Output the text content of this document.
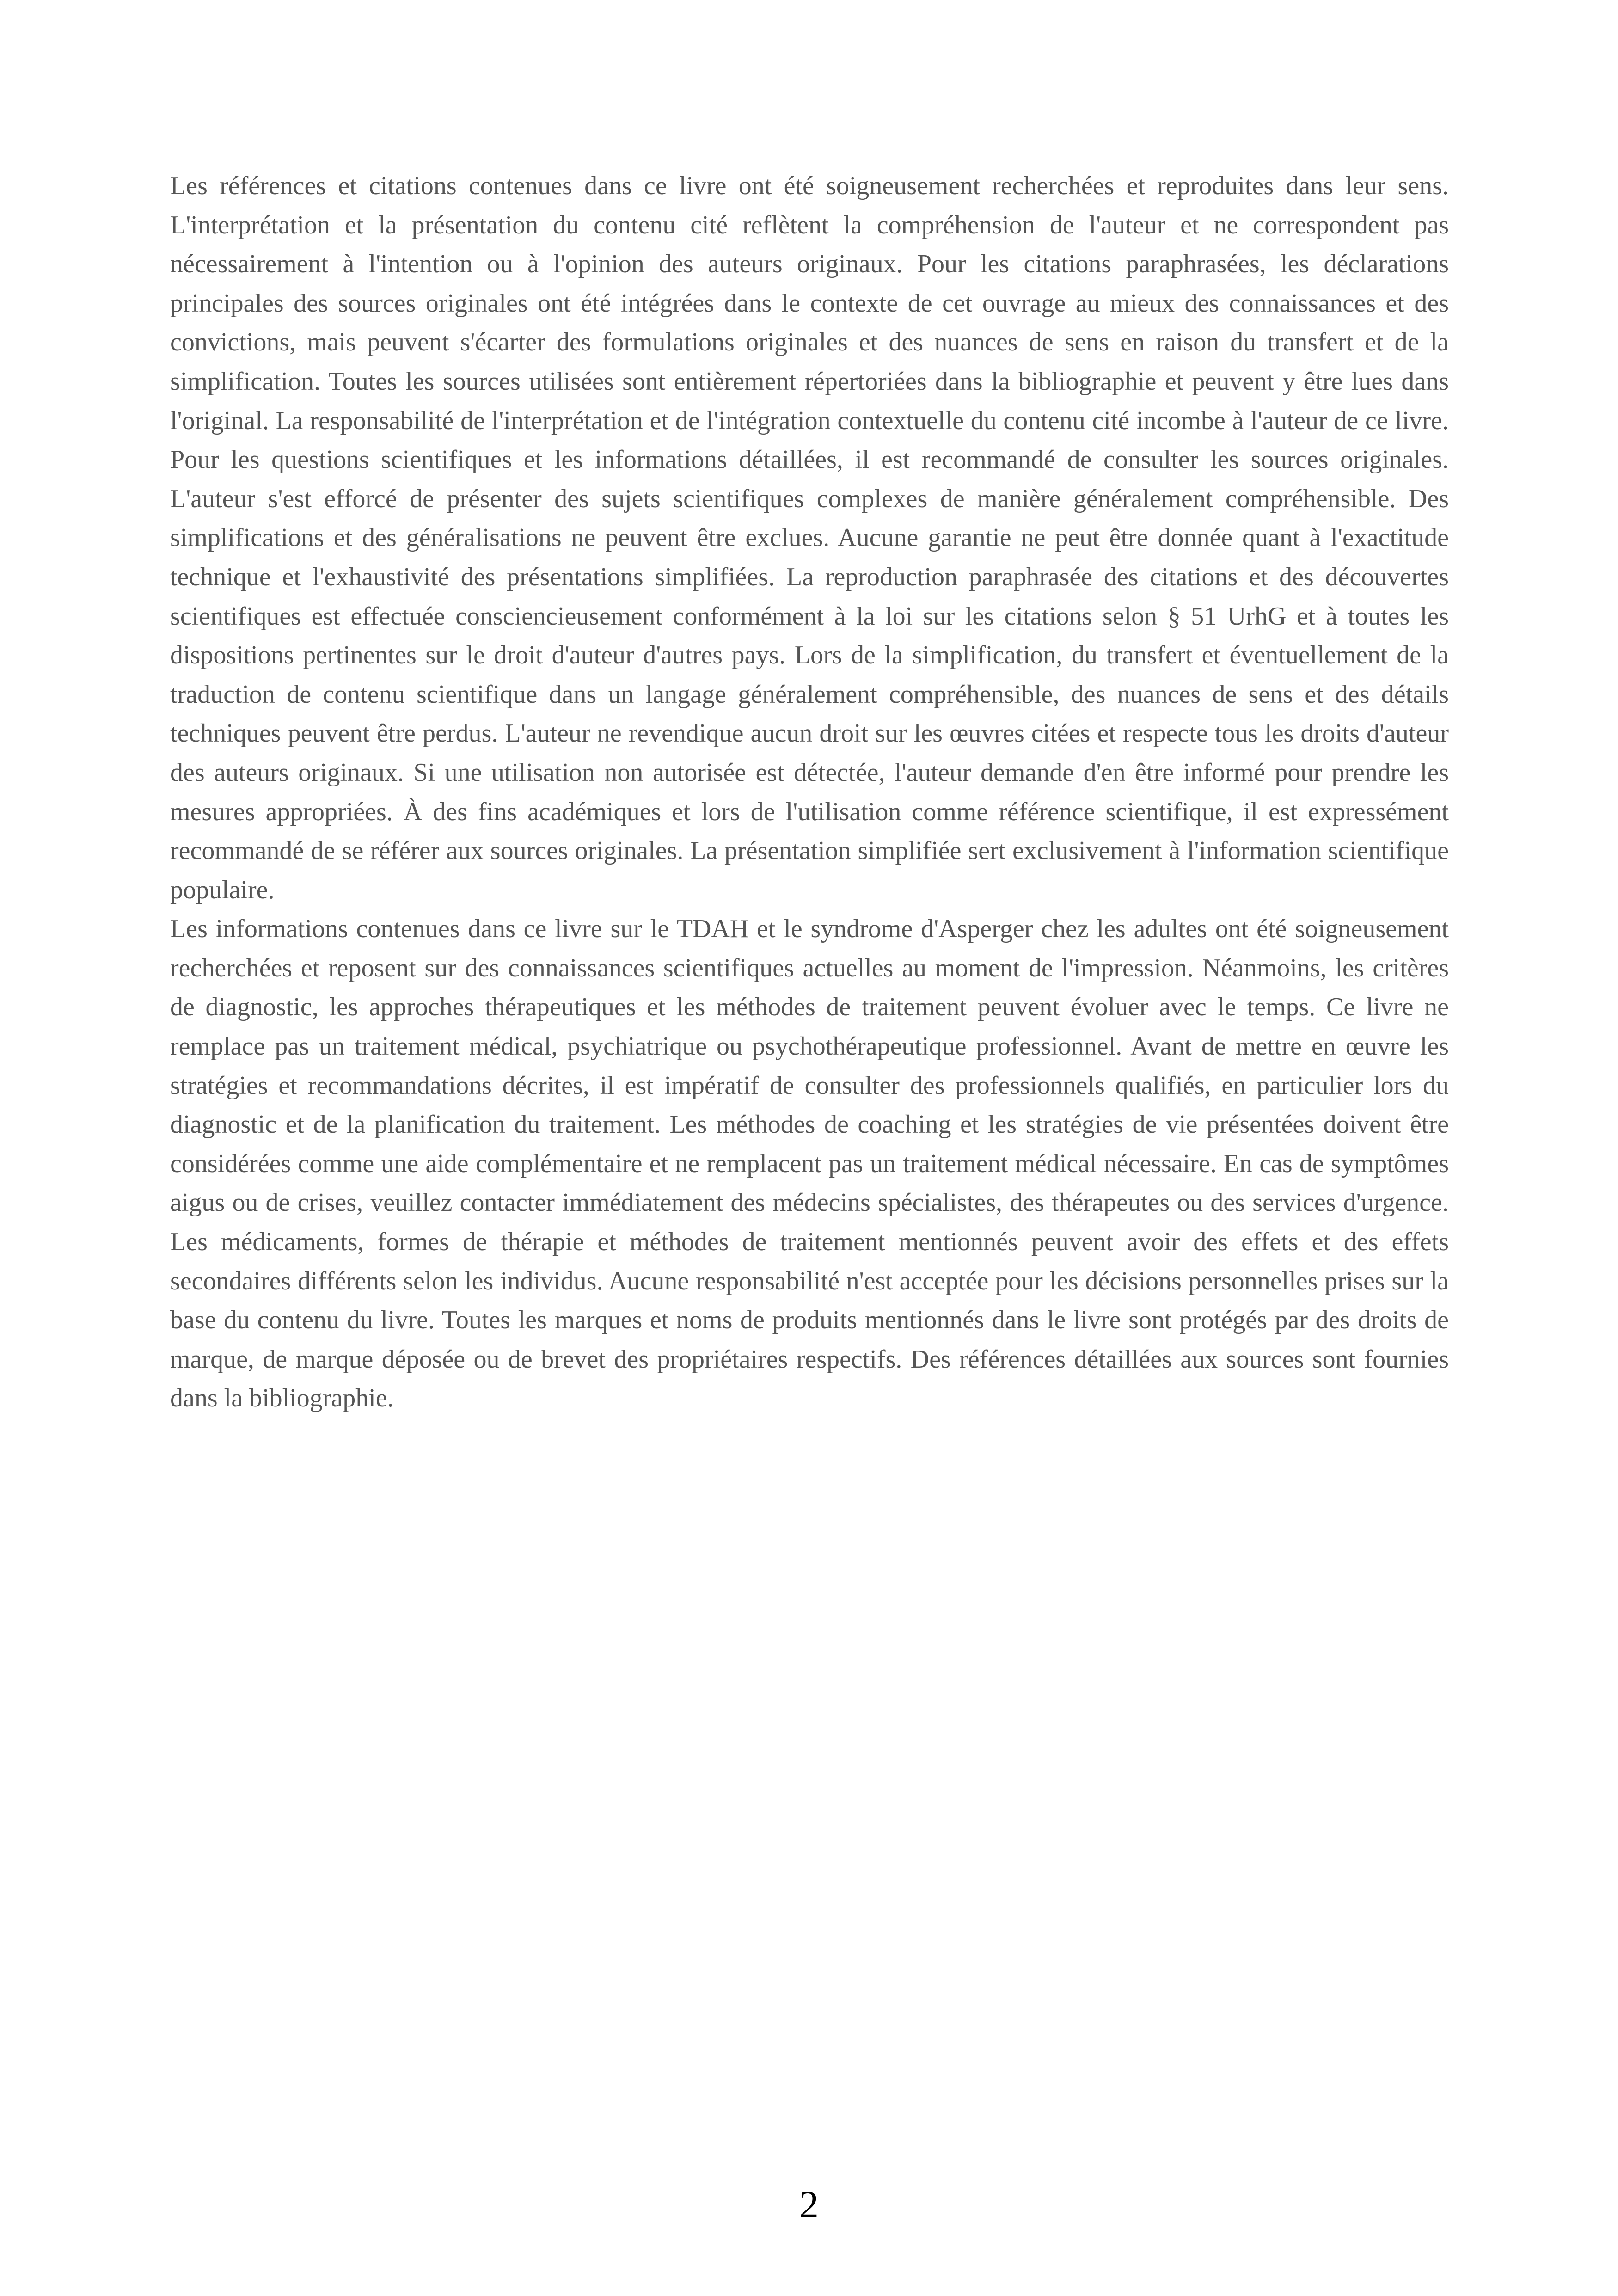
Les références et citations contenues dans ce livre ont été soigneusement recherchées et reproduites dans leur sens. L'interprétation et la présentation du contenu cité reflètent la compréhension de l'auteur et ne correspondent pas nécessairement à l'intention ou à l'opinion des auteurs originaux. Pour les citations paraphrasées, les déclarations principales des sources originales ont été intégrées dans le contexte de cet ouvrage au mieux des connaissances et des convictions, mais peuvent s'écarter des formulations originales et des nuances de sens en raison du transfert et de la simplification. Toutes les sources utilisées sont entièrement répertoriées dans la bibliographie et peuvent y être lues dans l'original. La responsabilité de l'interprétation et de l'intégration contextuelle du contenu cité incombe à l'auteur de ce livre. Pour les questions scientifiques et les informations détaillées, il est recommandé de consulter les sources originales. L'auteur s'est efforcé de présenter des sujets scientifiques complexes de manière généralement compréhensible. Des simplifications et des généralisations ne peuvent être exclues. Aucune garantie ne peut être donnée quant à l'exactitude technique et l'exhaustivité des présentations simplifiées. La reproduction paraphrasée des citations et des découvertes scientifiques est effectuée consciencieusement conformément à la loi sur les citations selon § 51 UrhG et à toutes les dispositions pertinentes sur le droit d'auteur d'autres pays. Lors de la simplification, du transfert et éventuellement de la traduction de contenu scientifique dans un langage généralement compréhensible, des nuances de sens et des détails techniques peuvent être perdus. L'auteur ne revendique aucun droit sur les œuvres citées et respecte tous les droits d'auteur des auteurs originaux. Si une utilisation non autorisée est détectée, l'auteur demande d'en être informé pour prendre les mesures appropriées. À des fins académiques et lors de l'utilisation comme référence scientifique, il est expressément recommandé de se référer aux sources originales. La présentation simplifiée sert exclusivement à l'information scientifique populaire.

Les informations contenues dans ce livre sur le TDAH et le syndrome d'Asperger chez les adultes ont été soigneusement recherchées et reposent sur des connaissances scientifiques actuelles au moment de l'impression. Néanmoins, les critères de diagnostic, les approches thérapeutiques et les méthodes de traitement peuvent évoluer avec le temps. Ce livre ne remplace pas un traitement médical, psychiatrique ou psychothérapeutique professionnel. Avant de mettre en œuvre les stratégies et recommandations décrites, il est impératif de consulter des professionnels qualifiés, en particulier lors du diagnostic et de la planification du traitement. Les méthodes de coaching et les stratégies de vie présentées doivent être considérées comme une aide complémentaire et ne remplacent pas un traitement médical nécessaire. En cas de symptômes aigus ou de crises, veuillez contacter immédiatement des médecins spécialistes, des thérapeutes ou des services d'urgence. Les médicaments, formes de thérapie et méthodes de traitement mentionnés peuvent avoir des effets et des effets secondaires différents selon les individus. Aucune responsabilité n'est acceptée pour les décisions personnelles prises sur la base du contenu du livre. Toutes les marques et noms de produits mentionnés dans le livre sont protégés par des droits de marque, de marque déposée ou de brevet des propriétaires respectifs. Des références détaillées aux sources sont fournies dans la bibliographie.

2
